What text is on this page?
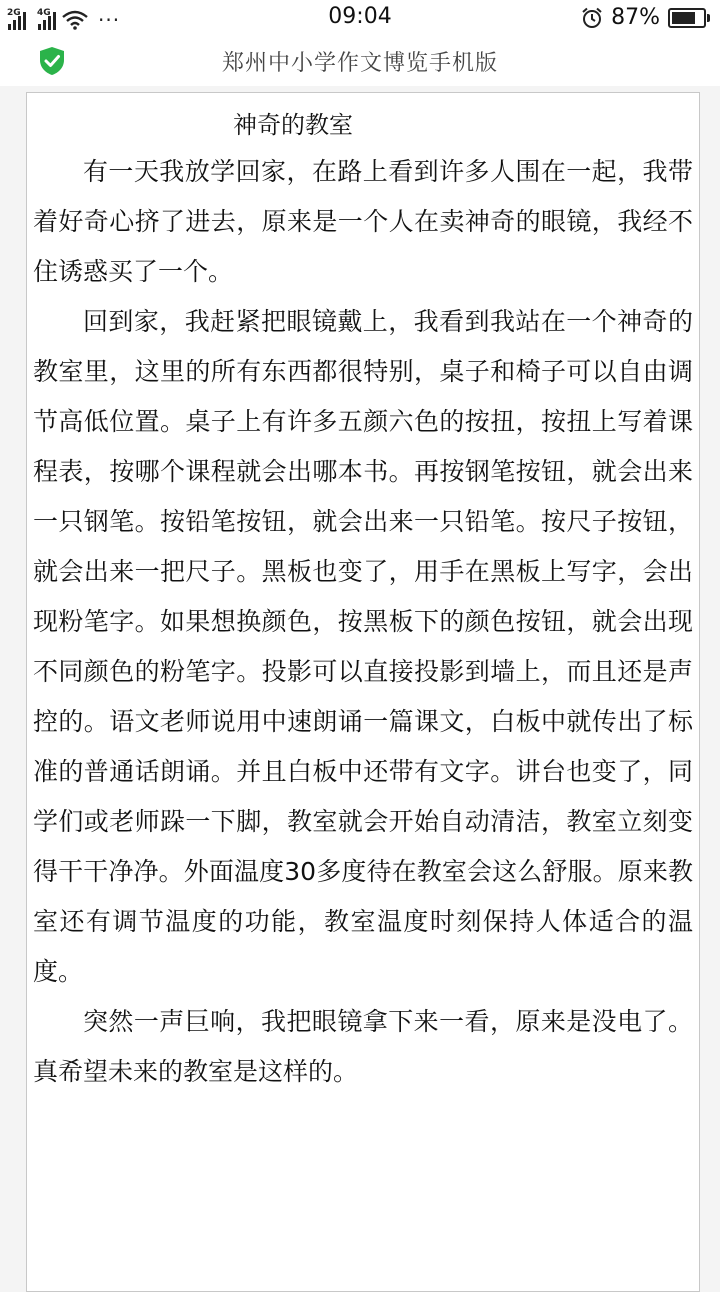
2G 4G ···	09:04	87%
郑州中小学作文博览手机版
神奇的教室

有一天我放学回家，在路上看到许多人围在一起，我带着好奇心挤了进去，原来是一个人在卖神奇的眼镜，我经不住诱惑买了一个。

回到家，我赶紧把眼镜戴上，我看到我站在一个神奇的教室里，这里的所有东西都很特别，桌子和椅子可以自由调节高低位置。桌子上有许多五颜六色的按扭，按扭上写着课程表，按哪个课程就会出哪本书。再按钢笔按钮，就会出来一只钢笔。按铅笔按钮，就会出来一只铅笔。按尺子按钮，就会出来一把尺子。黑板也变了，用手在黑板上写字，会出现粉笔字。如果想换颜色，按黑板下的颜色按钮，就会出现不同颜色的粉笔字。投影可以直接投影到墙上，而且还是声控的。语文老师说用中速朗诵一篇课文，白板中就传出了标准的普通话朗诵。并且白板中还带有文字。讲台也变了，同学们或老师跺一下脚，教室就会开始自动清洁，教室立刻变得干干净净。外面温度30多度待在教室会这么舒服。原来教室还有调节温度的功能，教室温度时刻保持人体适合的温度。

突然一声巨响，我把眼镜拿下来一看，原来是没电了。真希望未来的教室是这样的。
